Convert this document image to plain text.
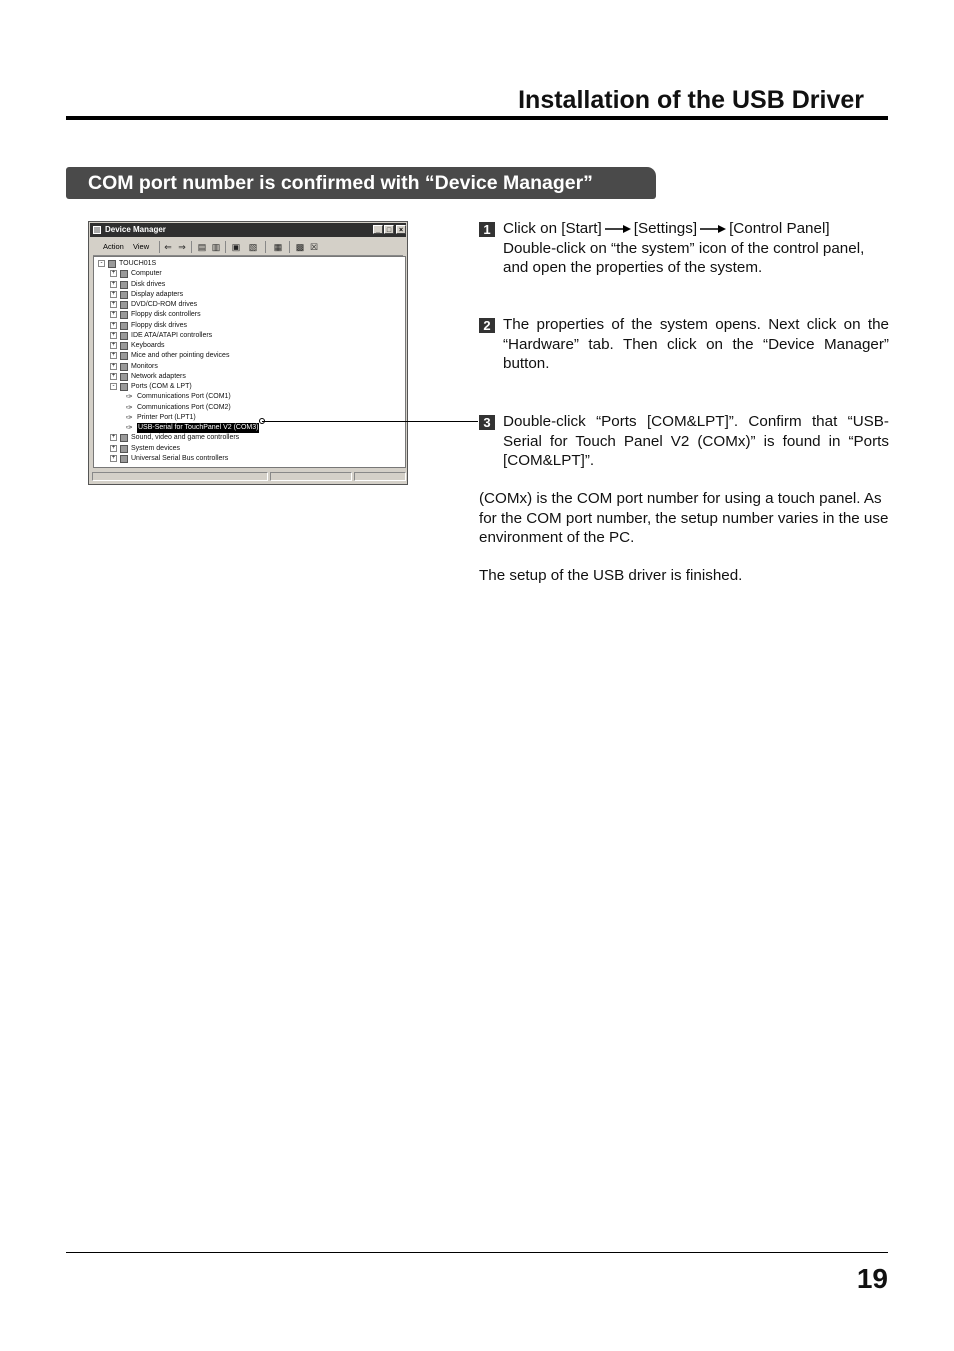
Installation of the USB Driver
COM port number is confirmed with “Device Manager”
Device Manager	_ □	×
Action View ⇐ ⇒ ▤ ▥ ▣ ▧ ▦ ▩ ☒
-	TOUCH01S
+ Computer
+ Disk drives
+ Display adapters
+ DVD/CD-ROM drives
+ Floppy disk controllers
+ Floppy disk drives
+ IDE ATA/ATAPI controllers
+ Keyboards
+ Mice and other pointing devices
+ Monitors
+ Network adapters
-	Ports (COM & LPT)
✑ Communications Port (COM1)
✑ Communications Port (COM2)
✑ Printer Port (LPT1)
✑ USB-Serial for TouchPanel V2 (COM3)
+ Sound, video and game controllers
+ System devices
+ Universal Serial Bus controllers
1 Click on [Start] [Settings] [Control Panel]
Double-click on “the system” icon of the control panel, and open the properties of the system.
2 The properties of the system opens. Next click on the “Hardware” tab. Then click on the “Device Manager” button.
3 Double-click “Ports [COM&LPT]”. Confirm that “USB-Serial for Touch Panel V2 (COMx)” is found in “Ports [COM&LPT]”.
(COMx) is the COM port number for using a touch panel. As for the COM port number, the setup number varies in the use environment of the PC.
The setup of the USB driver is finished.
19
